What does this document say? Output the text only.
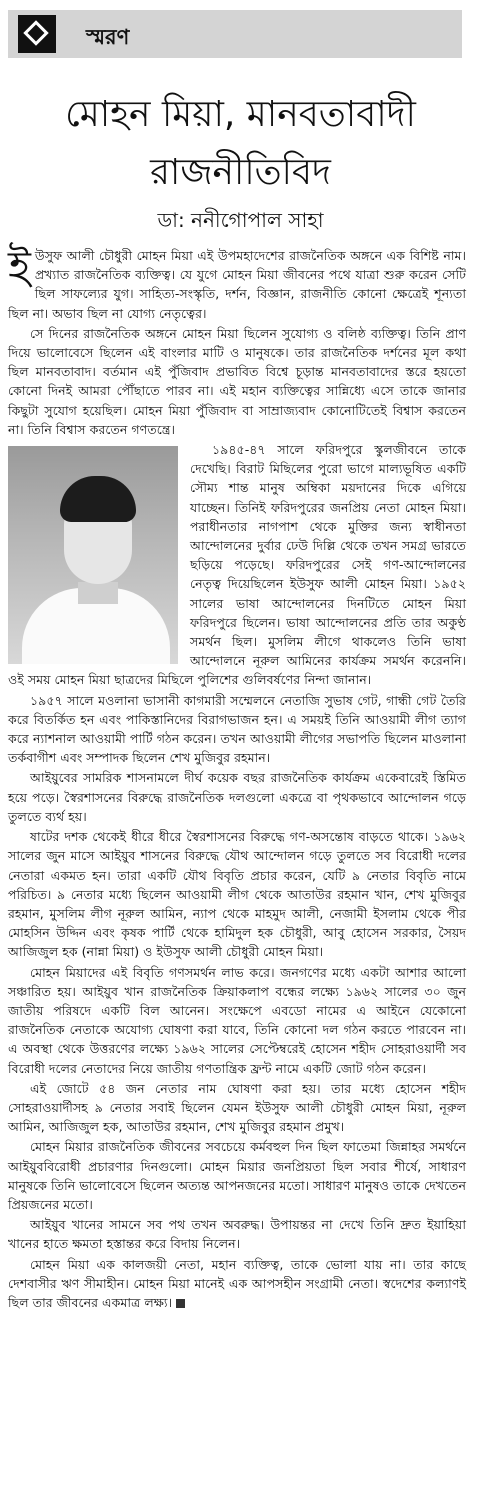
স্মরণ
মোহন মিয়া, মানবতাবাদী
রাজনীতিবিদ
ডা: ননীগোপাল সাহা

ইউসুফ আলী চৌধুরী মোহন মিয়া এই উপমহাদেশের রাজনৈতিক অঙ্গনে এক বিশিষ্ট নাম। প্রখ্যাত রাজনৈতিক ব্যক্তিত্ব। যে যুগে মোহন মিয়া জীবনের পথে যাত্রা শুরু করেন সেটি ছিল সাফল্যের যুগ। সাহিত্য-সংস্কৃতি, দর্শন, বিজ্ঞান, রাজনীতি কোনো ক্ষেত্রেই শূন্যতা ছিল না। অভাব ছিল না যোগ্য নেতৃত্বের।

সে দিনের রাজনৈতিক অঙ্গনে মোহন মিয়া ছিলেন সুযোগ্য ও বলিষ্ঠ ব্যক্তিত্ব। তিনি প্রাণ দিয়ে ভালোবেসে ছিলেন এই বাংলার মাটি ও মানুষকে। তার রাজনৈতিক দর্শনের মূল কথা ছিল মানবতাবাদ। বর্তমান এই পুঁজিবাদ প্রভাবিত বিশ্বে চূড়ান্ত মানবতাবাদের স্তরে হয়তো কোনো দিনই আমরা পৌঁছাতে পারব না। এই মহান ব্যক্তিত্বের সান্নিধ্যে এসে তাকে জানার কিছুটা সুযোগ হয়েছিল। মোহন মিয়া পুঁজিবাদ বা সাম্রাজ্যবাদ কোনোটিতেই বিশ্বাস করতেন না। তিনি বিশ্বাস করতেন গণতন্ত্রে।

১৯৪৫-৪৭ সালে ফরিদপুরে স্কুলজীবনে তাকে দেখেছি। বিরাট মিছিলের পুরো ভাগে মাল্যভূষিত একটি সৌম্য শান্ত মানুষ অম্বিকা ময়দানের দিকে এগিয়ে যাচ্ছেন। তিনিই ফরিদপুরের জনপ্রিয় নেতা মোহন মিয়া। পরাধীনতার নাগপাশ থেকে মুক্তির জন্য স্বাধীনতা আন্দোলনের দুর্বার ঢেউ দিল্লি থেকে তখন সমগ্র ভারতে ছড়িয়ে পড়েছে। ফরিদপুরের সেই গণ-আন্দোলনের নেতৃত্ব দিয়েছিলেন ইউসুফ আলী মোহন মিয়া। ১৯৫২ সালের ভাষা আন্দোলনের দিনটিতে মোহন মিয়া ফরিদপুরে ছিলেন। ভাষা আন্দোলনের প্রতি তার অকুণ্ঠ সমর্থন ছিল। মুসলিম লীগে থাকলেও তিনি ভাষা আন্দোলনে নূরুল আমিনের কার্যক্রম সমর্থন করেননি। ওই সময় মোহন মিয়া ছাত্রদের মিছিলে পুলিশের গুলিবর্ষণের নিন্দা জানান।

১৯৫৭ সালে মওলানা ভাসানী কাগমারী সম্মেলনে নেতাজি সুভাষ গেট, গান্ধী গেট তৈরি করে বিতর্কিত হন এবং পাকিস্তানিদের বিরাগভাজন হন। এ সময়ই তিনি আওয়ামী লীগ ত্যাগ করে ন্যাশনাল আওয়ামী পার্টি গঠন করেন। তখন আওয়ামী লীগের সভাপতি ছিলেন মাওলানা তর্কবাগীশ এবং সম্পাদক ছিলেন শেখ মুজিবুর রহমান।

আইয়ুবের সামরিক শাসনামলে দীর্ঘ কয়েক বছর রাজনৈতিক কার্যক্রম একেবারেই স্তিমিত হয়ে পড়ে। স্বৈরশাসনের বিরুদ্ধে রাজনৈতিক দলগুলো একত্রে বা পৃথকভাবে আন্দোলন গড়ে তুলতে ব্যর্থ হয়।

ষাটের দশক থেকেই ধীরে ধীরে স্বৈরশাসনের বিরুদ্ধে গণ-অসন্তোষ বাড়তে থাকে। ১৯৬২ সালের জুন মাসে আইয়ুব শাসনের বিরুদ্ধে যৌথ আন্দোলন গড়ে তুলতে সব বিরোধী দলের নেতারা একমত হন। তারা একটি যৌথ বিবৃতি প্রচার করেন, যেটি ৯ নেতার বিবৃতি নামে পরিচিত। ৯ নেতার মধ্যে ছিলেন আওয়ামী লীগ থেকে আতাউর রহমান খান, শেখ মুজিবুর রহমান, মুসলিম লীগ নূরুল আমিন, ন্যাপ থেকে মাহমুদ আলী, নেজামী ইসলাম থেকে পীর মোহসিন উদ্দিন এবং কৃষক পার্টি থেকে হামিদুল হক চৌধুরী, আবু হোসেন সরকার, সৈয়দ আজিজুল হক (নান্না মিয়া) ও ইউসুফ আলী চৌধুরী মোহন মিয়া।

মোহন মিয়াদের এই বিবৃতি গণসমর্থন লাভ করে। জনগণের মধ্যে একটা আশার আলো সঞ্চারিত হয়। আইয়ুব খান রাজনৈতিক ক্রিয়াকলাপ বন্ধের লক্ষ্যে ১৯৬২ সালের ৩০ জুন জাতীয় পরিষদে একটি বিল আনেন। সংক্ষেপে এবডো নামের এ আইনে যেকোনো রাজনৈতিক নেতাকে অযোগ্য ঘোষণা করা যাবে, তিনি কোনো দল গঠন করতে পারবেন না। এ অবস্থা থেকে উত্তরণের লক্ষ্যে ১৯৬২ সালের সেপ্টেম্বরেই হোসেন শহীদ সোহরাওয়ার্দী সব বিরোধী দলের নেতাদের নিয়ে জাতীয় গণতান্ত্রিক ফ্রন্ট নামে একটি জোট গঠন করেন।

এই জোটে ৫৪ জন নেতার নাম ঘোষণা করা হয়। তার মধ্যে হোসেন শহীদ সোহরাওয়ার্দীসহ ৯ নেতার সবাই ছিলেন যেমন ইউসুফ আলী চৌধুরী মোহন মিয়া, নূরুল আমিন, আজিজুল হক, আতাউর রহমান, শেখ মুজিবুর রহমান প্রমুখ।

মোহন মিয়ার রাজনৈতিক জীবনের সবচেয়ে কর্মবহুল দিন ছিল ফাতেমা জিন্নাহর সমর্থনে আইয়ুববিরোধী প্রচারণার দিনগুলো। মোহন মিয়ার জনপ্রিয়তা ছিল সবার শীর্ষে, সাধারণ মানুষকে তিনি ভালোবেসে ছিলেন অত্যন্ত আপনজনের মতো। সাধারণ মানুষও তাকে দেখতেন প্রিয়জনের মতো।

আইয়ুব খানের সামনে সব পথ তখন অবরুদ্ধ। উপায়ন্তর না দেখে তিনি দ্রুত ইয়াহিয়া খানের হাতে ক্ষমতা হস্তান্তর করে বিদায় নিলেন।

মোহন মিয়া এক কালজয়ী নেতা, মহান ব্যক্তিত্ব, তাকে ভোলা যায় না। তার কাছে দেশবাসীর ঋণ সীমাহীন। মোহন মিয়া মানেই এক আপসহীন সংগ্রামী নেতা। স্বদেশের কল্যাণই ছিল তার জীবনের একমাত্র লক্ষ্য।
